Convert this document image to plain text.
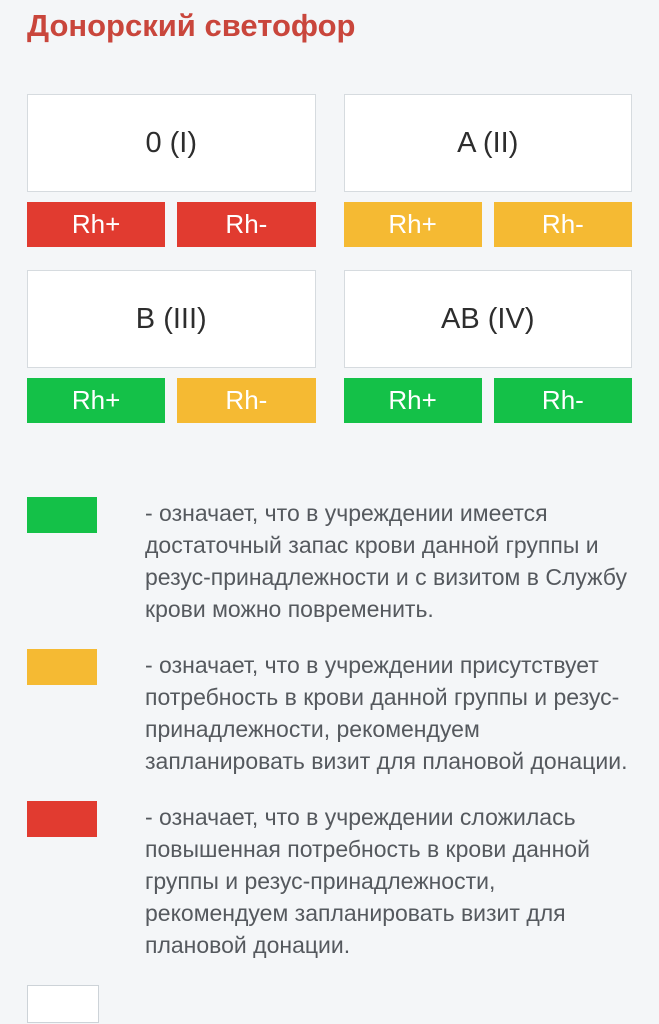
Донорский светофор
0 (I)
Rh+	Rh-
A (II)
Rh+	Rh-
B (III)
Rh+	Rh-
AB (IV)
Rh+	Rh-

- означает, что в учреждении имеется достаточный запас крови данной группы и резус-принадлежности и с визитом в Службу крови можно повременить.

- означает, что в учреждении присутствует потребность в крови данной группы и резус-принадлежности, рекомендуем запланировать визит для плановой донации.

- означает, что в учреждении сложилась повышенная потребность в крови данной группы и резус-принадлежности, рекомендуем запланировать визит для плановой донации.
